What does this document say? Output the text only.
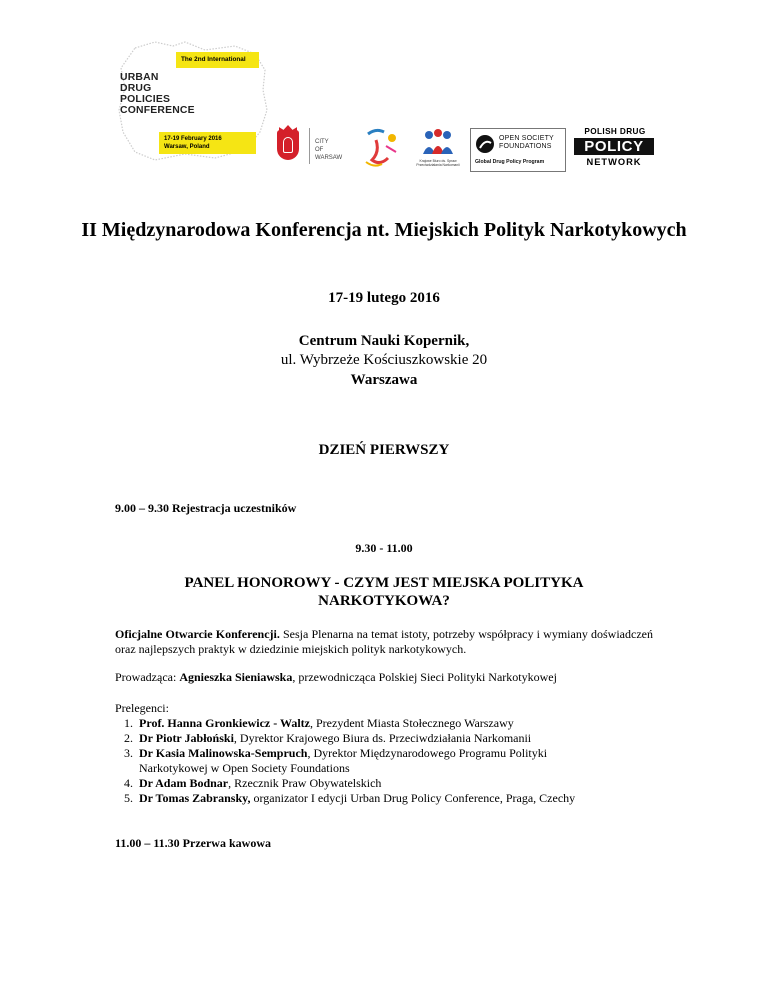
The 2nd International
URBAN
DRUG
POLICIES
CONFERENCE
17-19 February 2016
Warsaw, Poland
CITY
OF WARSAW	Krajowe Biuro ds. Spraw
Przeciwdziałania Narkomanii
OPEN SOCIETY
FOUNDATIONS
Global Drug Policy Program
POLISH DRUG
POLICY
NETWORK
II Międzynarodowa Konferencja nt. Miejskich Polityk Narkotykowych
17-19 lutego 2016
Centrum Nauki Kopernik,
ul. Wybrzeże Kościuszkowskie 20
Warszawa
DZIEŃ PIERWSZY
9.00 – 9.30 Rejestracja uczestników
9.30 - 11.00
PANEL HONOROWY - CZYM JEST MIEJSKA POLITYKA NARKOTYKOWA?
Oficjalne Otwarcie Konferencji. Sesja Plenarna na temat istoty, potrzeby współpracy i wymiany doświadczeń oraz najlepszych praktyk w dziedzinie miejskich polityk narkotykowych.
Prowadząca: Agnieszka Sieniawska, przewodnicząca Polskiej Sieci Polityki Narkotykowej
Prelegenci:
1. Prof. Hanna Gronkiewicz - Waltz, Prezydent Miasta Stołecznego Warszawy
2. Dr Piotr Jabłoński, Dyrektor Krajowego Biura ds. Przeciwdziałania Narkomanii
3. Dr Kasia Malinowska-Sempruch, Dyrektor Międzynarodowego Programu Polityki Narkotykowej w Open Society Foundations
4. Dr Adam Bodnar, Rzecznik Praw Obywatelskich
5. Dr Tomas Zabransky, organizator I edycji Urban Drug Policy Conference, Praga, Czechy
11.00 – 11.30 Przerwa kawowa
